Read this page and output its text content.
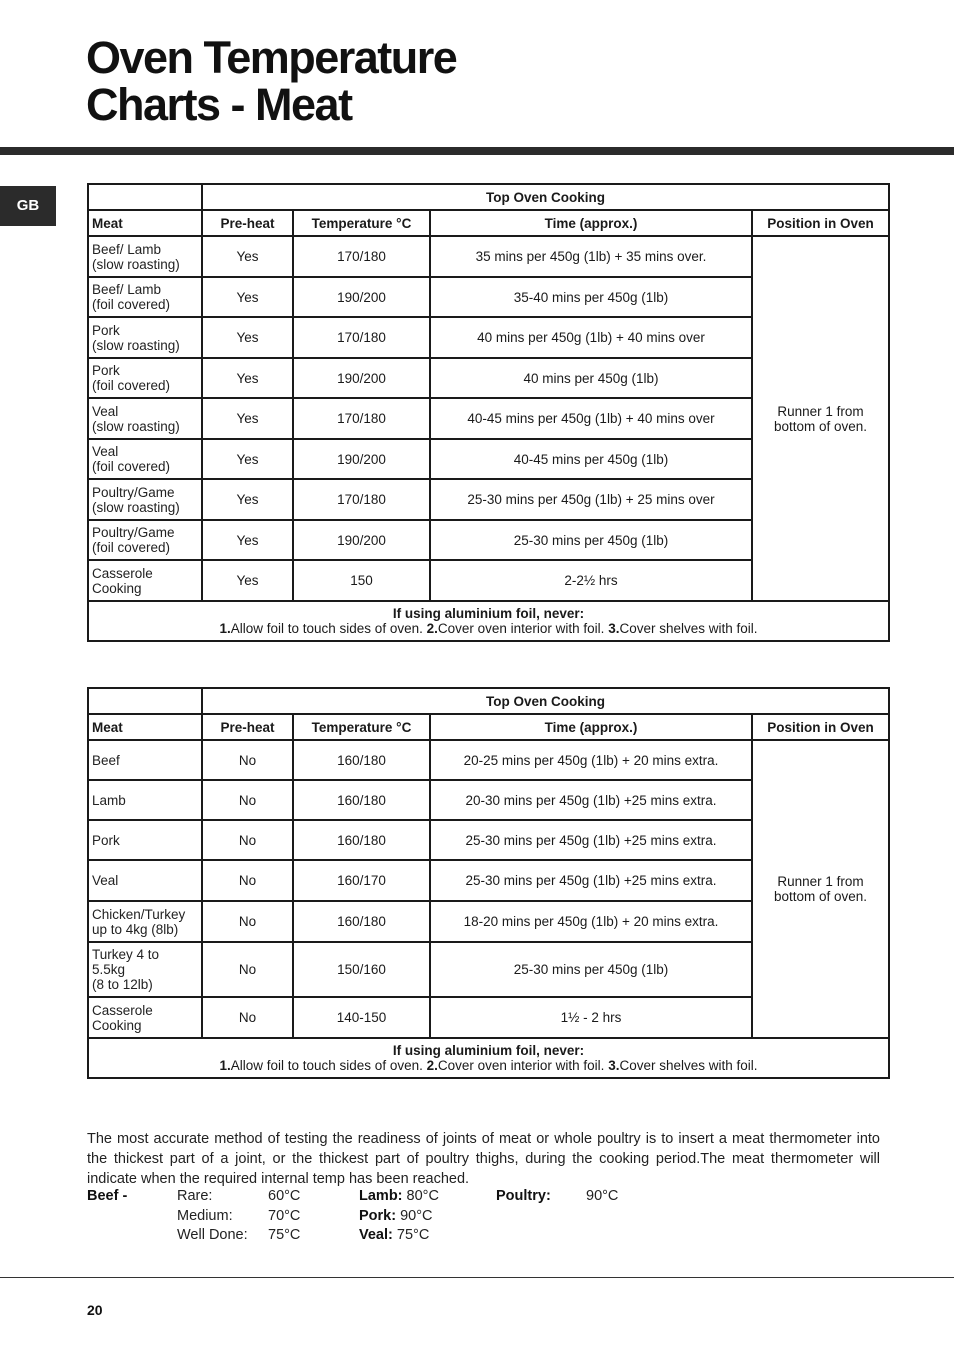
Oven Temperature
Charts - Meat
GB
		Top Oven Cooking			
Meat	Pre-heat	Temperature °C	Time (approx.)	Position in Oven
Beef/ Lamb
(slow roasting)	Yes	170/180	35 mins per 450g (1lb) + 35 mins over.	Runner 1 from
bottom of oven.
Beef/ Lamb
(foil covered)	Yes	190/200	35-40 mins per 450g (1lb)	
Pork
(slow roasting)	Yes	170/180	40 mins per 450g (1lb) + 40 mins over	
Pork
(foil covered)	Yes	190/200	40 mins per 450g (1lb)	
Veal
(slow roasting)	Yes	170/180	40-45 mins per 450g (1lb) + 40 mins over	
Veal
(foil covered)	Yes	190/200	40-45 mins per 450g (1lb)	
Poultry/Game
(slow roasting)	Yes	170/180	25-30 mins per 450g (1lb) + 25 mins over	
Poultry/Game
(foil covered)	Yes	190/200	25-30 mins per 450g (1lb)	
Casserole
Cooking	Yes	150	2-2½ hrs	
If using aluminium foil, never:
1.Allow foil to touch sides of oven. 2.Cover oven interior with foil. 3.Cover shelves with foil.				
	Top Oven Cooking			
Meat	Pre-heat	Temperature °C	Time (approx.)	Position in Oven
Beef	No	160/180	20-25 mins per 450g (1lb) + 20 mins extra.	Runner 1 from
bottom of oven.
Lamb	No	160/180	20-30 mins per 450g (1lb) +25 mins extra.	
Pork	No	160/180	25-30 mins per 450g (1lb) +25 mins extra.	
Veal	No	160/170	25-30 mins per 450g (1lb) +25 mins extra.	
Chicken/Turkey
up to 4kg (8lb)	No	160/180	18-20 mins per 450g (1lb) + 20 mins extra.	
Turkey 4 to
5.5kg
(8 to 12lb)	No	150/160	25-30 mins per 450g (1lb)	
Casserole
Cooking	No	140-150	1½ - 2 hrs	
If using aluminium foil, never:
1.Allow foil to touch sides of oven. 2.Cover oven interior with foil. 3.Cover shelves with foil.				

The most accurate method of testing the readiness of joints of meat or whole poultry is to insert a meat thermometer into the thickest part of a joint, or the thickest part of poultry thighs, during the cooking period.The meat thermometer will indicate when the required internal temp has been reached.

Beef -	Rare:	60°C
Medium: 70°C
Well Done: 75°C
Lamb: 80°C
Pork: 90°C
Veal: 75°C
Poultry: 90°C
20
